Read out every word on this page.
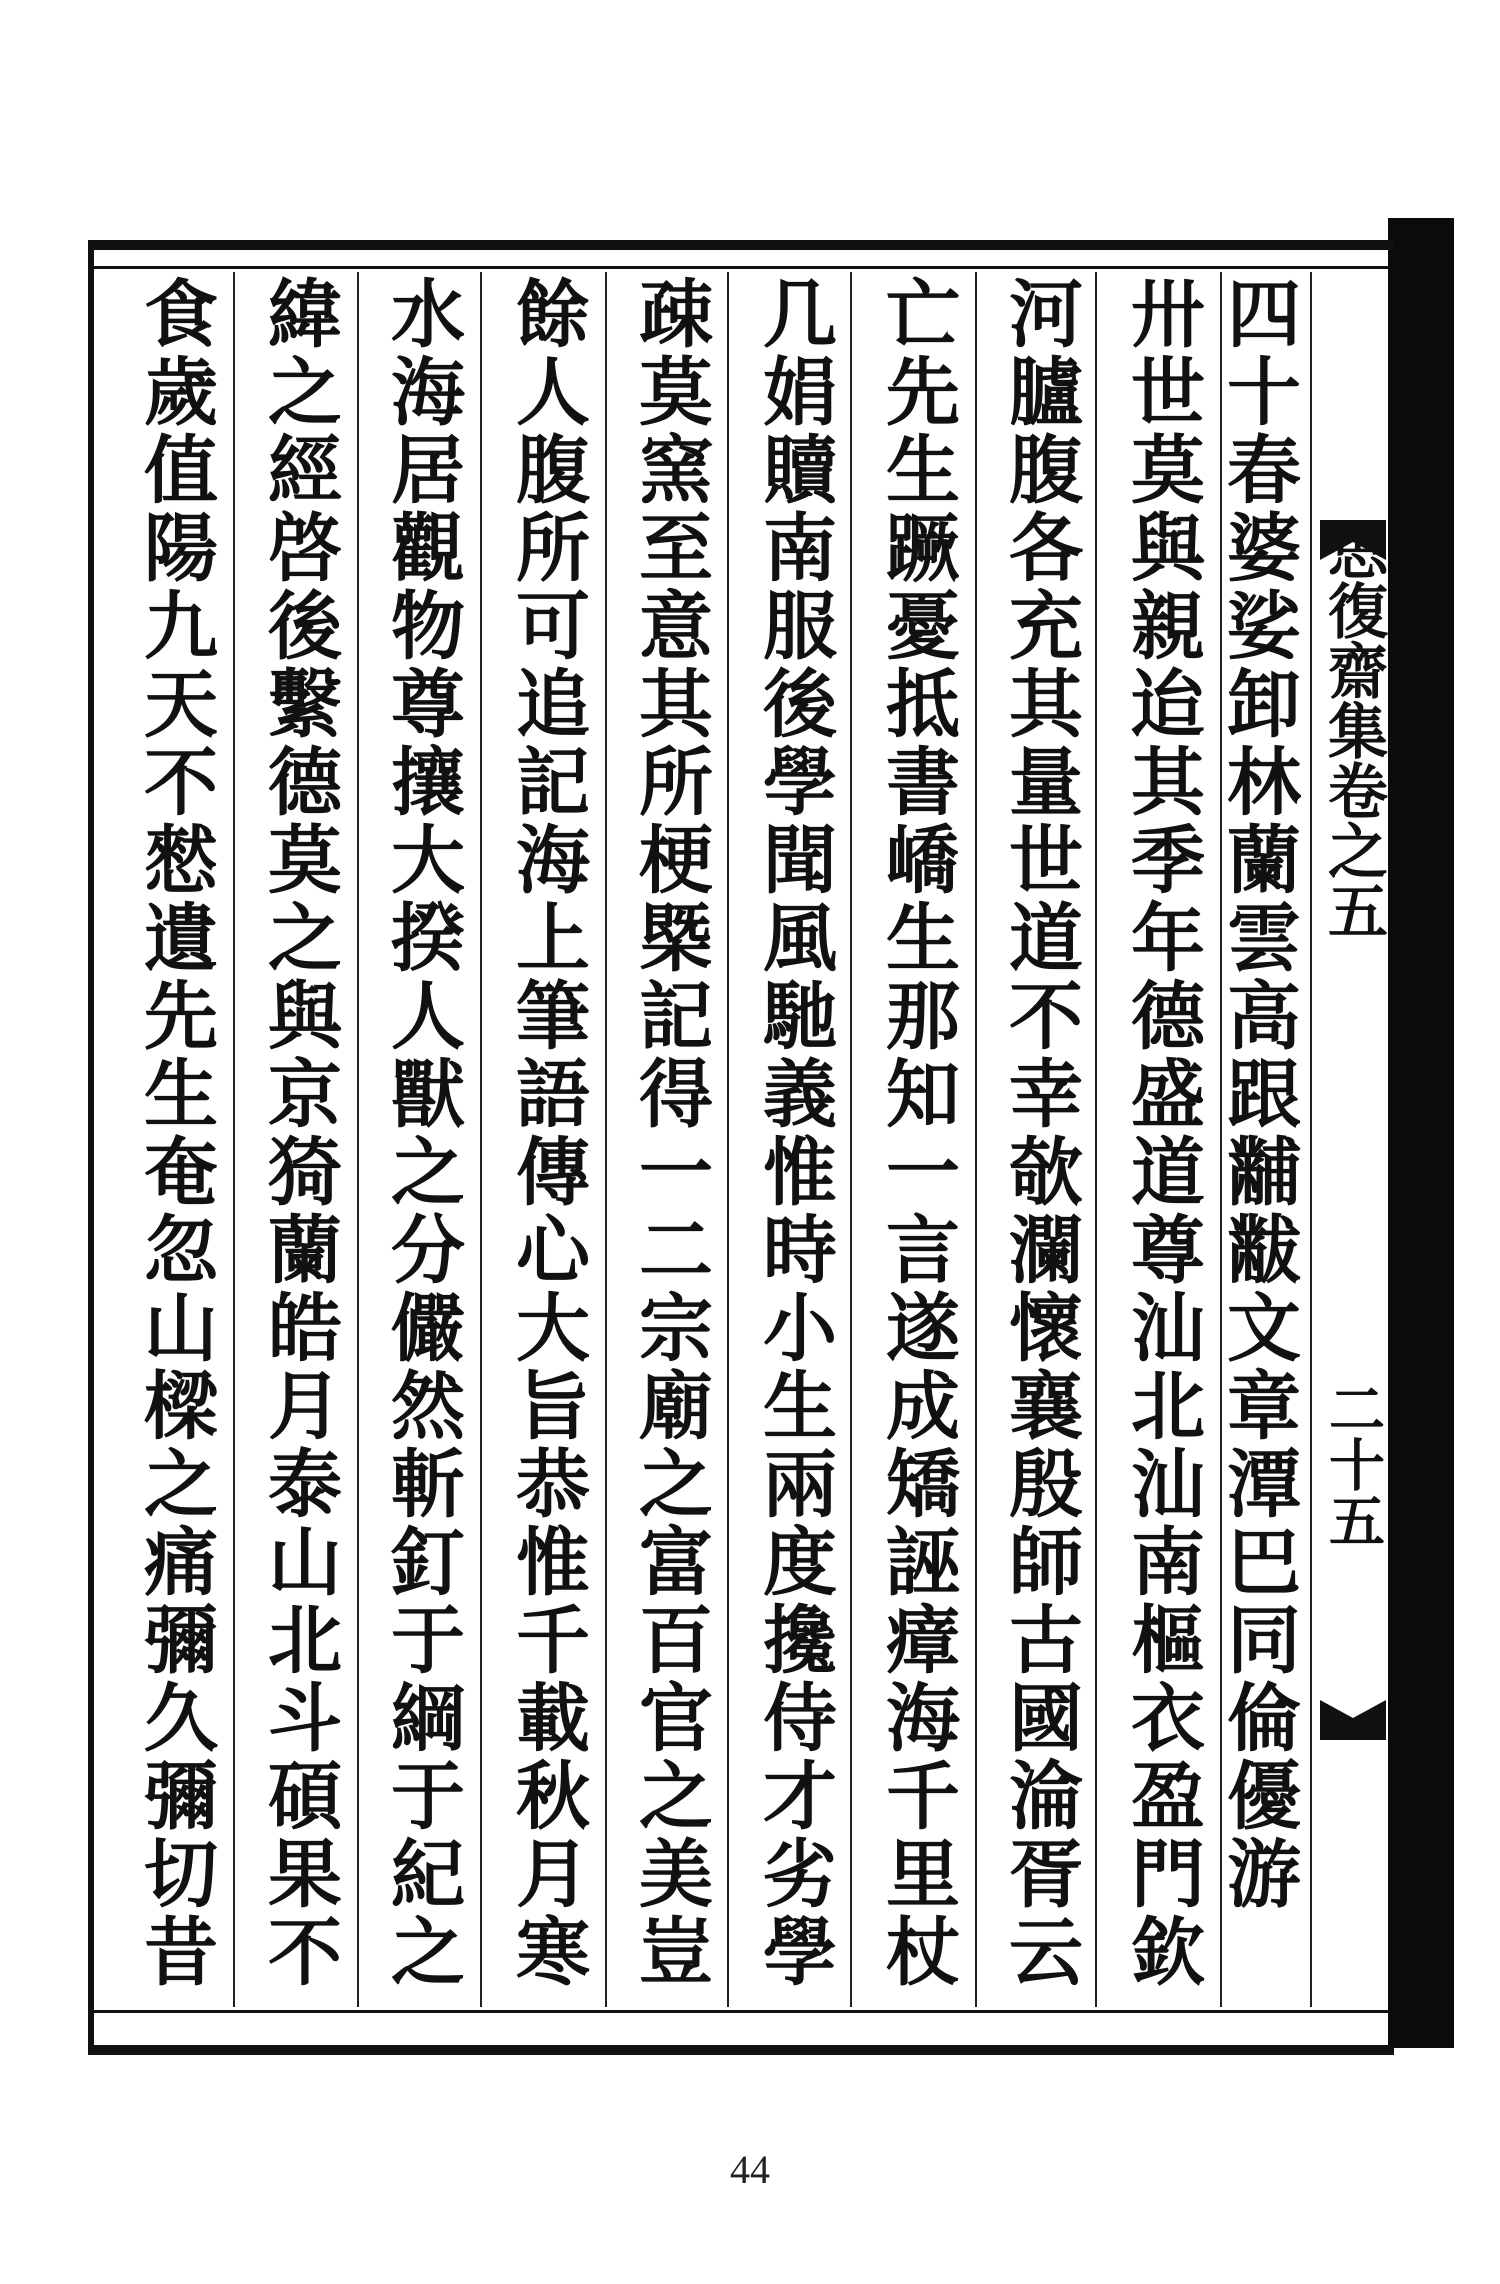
思復齋集卷之五
二十五
四十春婆娑卸林蘭雲高跟黼黻文章潭巴同倫優游
卅世莫與親迨其季年德盛道尊汕北汕南樞衣盈門欽
河臚腹各充其量世道不幸欹瀾懷襄殷師古國淪胥云
亡先生蹶憂抵書嶠生那知一言遂成矯誣瘴海千里杖
几娟贖南服後學聞風馳義惟時小生兩度攙侍才劣學
疎莫窯至意其所梗槩記得一二宗廟之富百官之美豈
餘人腹所可追記海上筆語傳心大旨恭惟千載秋月寒
水海居觀物尊攘大揆人獸之分儼然斬釘于綱于紀之
緯之經啓後繫德莫之與京猗蘭皓月泰山北斗碩果不
食歲值陽九天不憖遺先生奄忽山樑之痛彌久彌切昔
44
